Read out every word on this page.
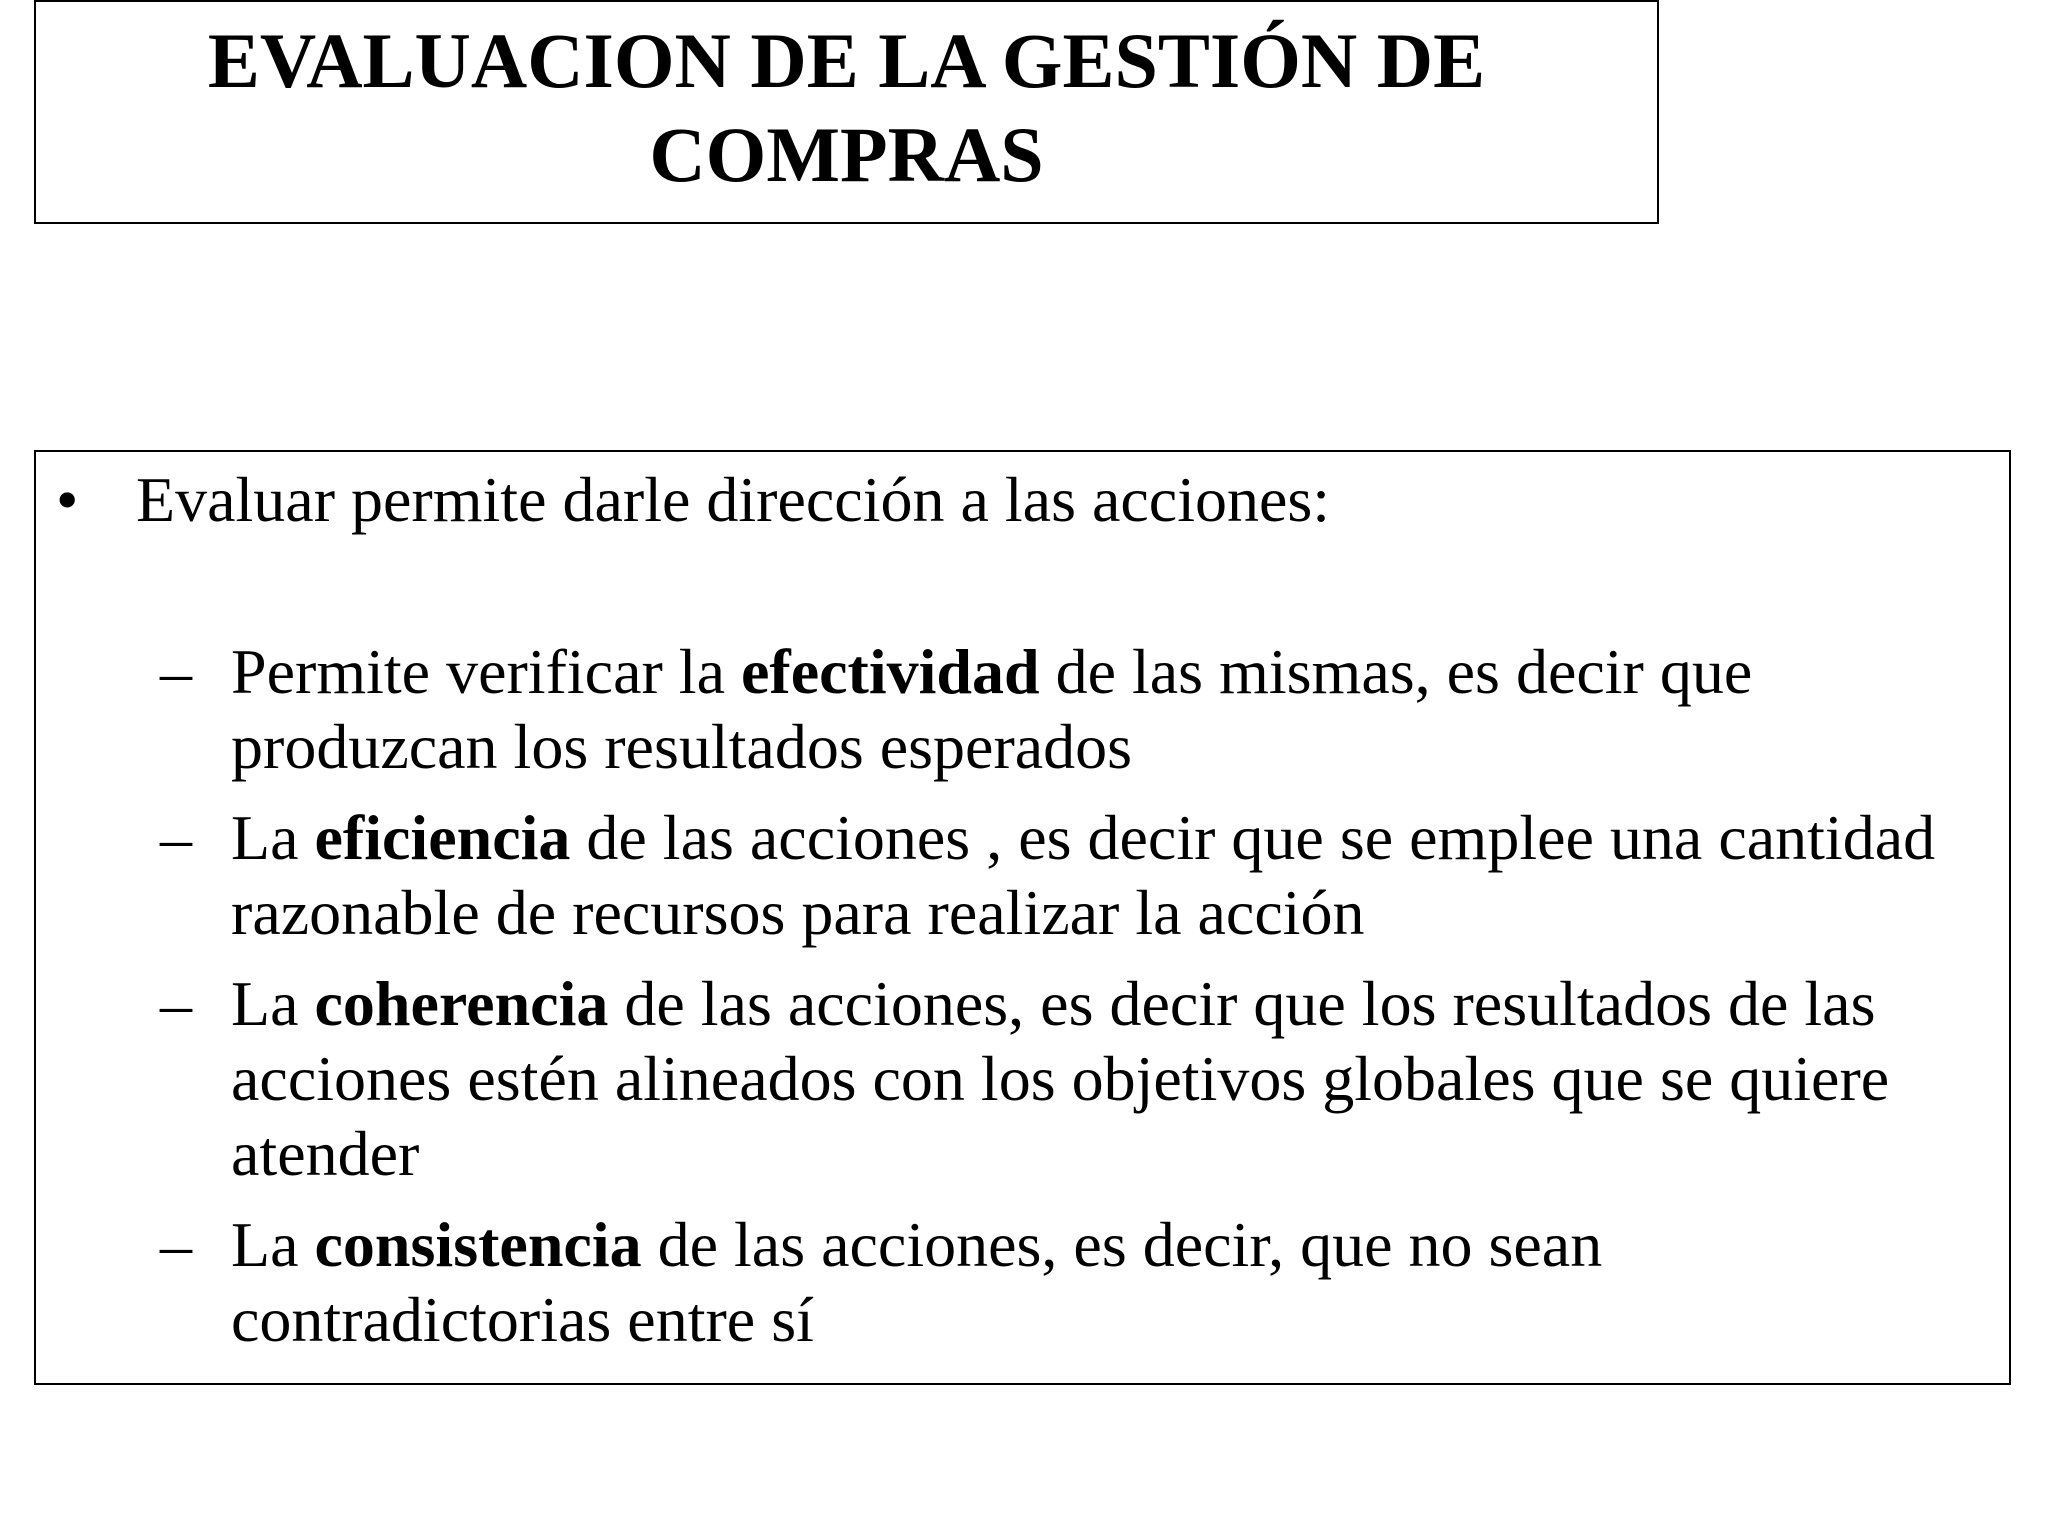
EVALUACION DE LA GESTIÓN DE COMPRAS
• Evaluar permite darle dirección a las acciones:
– Permite verificar la efectividad de las mismas, es decir que produzcan los resultados esperados
– La eficiencia de las acciones , es decir que se emplee una cantidad razonable de recursos para realizar la acción
– La coherencia de las acciones, es decir que los resultados de las acciones estén alineados con los objetivos globales que se quiere atender
– La consistencia de las acciones, es decir, que no sean contradictorias entre sí
